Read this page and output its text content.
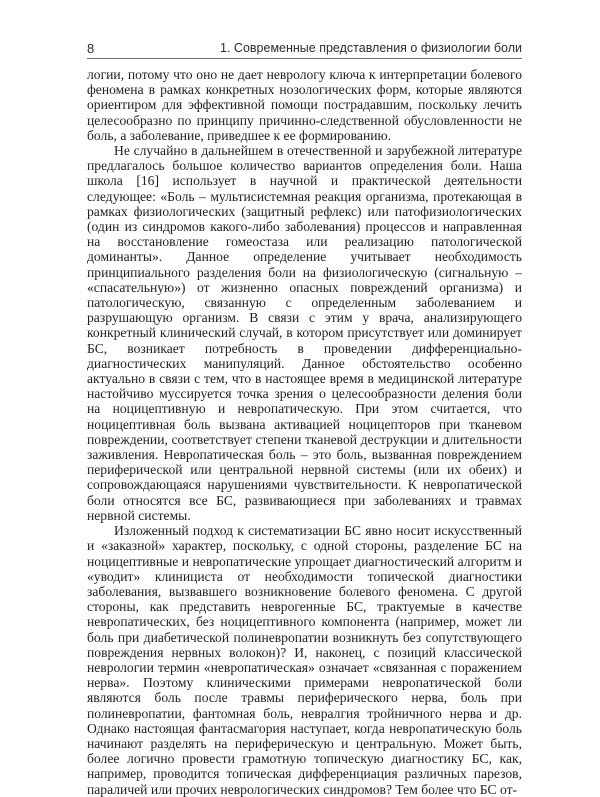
8	1. Современные представления о физиологии боли

логии, потому что оно не дает неврологу ключа к интерпретации болевого феномена в рамках конкретных нозологических форм, которые являются ориентиром для эффективной помощи пострадавшим, поскольку лечить целесообразно по принципу причинно-следственной обусловленности не боль, а заболевание, приведшее к ее формированию.

Не случайно в дальнейшем в отечественной и зарубежной литературе предлагалось большое количество вариантов определения боли. Наша школа [16] использует в научной и практической деятельности следующее: «Боль – мультисистемная реакция организма, протекающая в рамках физиологических (защитный рефлекс) или патофизиологических (один из синдромов какого-либо заболевания) процессов и направленная на восстановление гомеостаза или реализацию патологической доминанты». Данное определение учитывает необходимость принципиального разделения боли на физиологическую (сигнальную – «спасательную») от жизненно опасных повреждений организма) и патологическую, связанную с определенным заболеванием и разрушающую организм. В связи с этим у врача, анализирующего конкретный клинический случай, в котором присутствует или доминирует БС, возникает потребность в проведении дифференциально-диагностических манипуляций. Данное обстоятельство особенно актуально в связи с тем, что в настоящее время в медицинской литературе настойчиво муссируется точка зрения о целесообразности деления боли на ноцицептивную и невропатическую. При этом считается, что ноцицептивная боль вызвана активацией ноцицепторов при тканевом повреждении, соответствует степени тканевой деструкции и длительности заживления. Невропатическая боль – это боль, вызванная повреждением периферической или центральной нервной системы (или их обеих) и сопровождающаяся нарушениями чувствительности. К невропатической боли относятся все БС, развивающиеся при заболеваниях и травмах нервной системы.

Изложенный подход к систематизации БС явно носит искусственный и «заказной» характер, поскольку, с одной стороны, разделение БС на ноцицептивные и невропатические упрощает диагностический алгоритм и «уводит» клинициста от необходимости топической диагностики заболевания, вызвавшего возникновение болевого феномена. С другой стороны, как представить неврогенные БС, трактуемые в качестве невропатических, без ноцицептивного компонента (например, может ли боль при диабетической полиневропатии возникнуть без сопутствующего повреждения нервных волокон)? И, наконец, с позиций классической неврологии термин «невропатическая» означает «связанная с поражением нерва». Поэтому клиническими примерами невропатической боли являются боль после травмы периферического нерва, боль при полиневропатии, фантомная боль, невралгия тройничного нерва и др. Однако настоящая фантасмагория наступает, когда невропатическую боль начинают разделять на периферическую и центральную. Может быть, более логично провести грамотную топическую диагностику БС, как, например, проводится топическая дифференциация различных парезов, параличей или прочих неврологических синдромов? Тем более что БС от-
